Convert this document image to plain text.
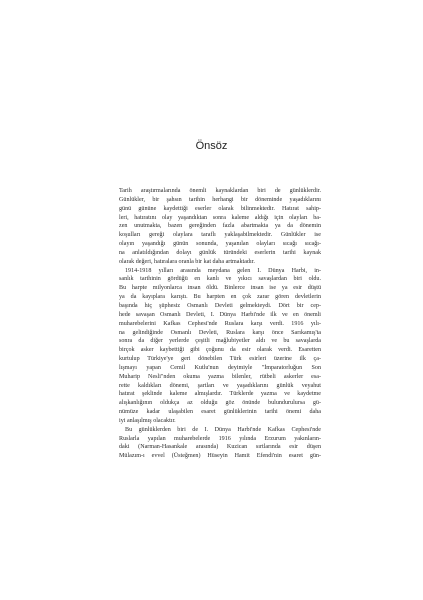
Önsöz
Tarih araştırmalarında önemli kaynaklardan biri de günlüklerdir.
Günlükler, bir şahsın tarihin herhangi bir döneminde yaşadıklarını
günü gününe kaydettiği eserler olarak bilinmektedir. Hatırat sahip-
leri, hatıratını olay yaşandıktan sonra kaleme aldığı için olayları ba-
zen unutmakta, bazen gereğinden fazla abartmakta ya da dönemin
koşulları gereği olaylara taraflı yaklaşabilmektedir. Günlükler ise
olayın yaşandığı günün sonunda, yaşanılan olayları sıcağı sıcağı-
na anlatıldığından dolayı günlük türündeki eserlerin tarihi kaynak
olarak değeri, hatıralara oranla bir kat daha artmaktadır.
1914-1918 yılları arasında meydana gelen I. Dünya Harbi, in-
sanlık tarihinin gördüğü en kanlı ve yıkıcı savaşlardan biri oldu.
Bu harpte milyonlarca insan öldü. Binlerce insan ise ya esir düştü
ya da kayıplara karıştı. Bu harpten en çok zarar gören devletlerin
başında hiç şüphesiz Osmanlı Devleti gelmekteydi. Dört bir cep-
hede savaşan Osmanlı Devleti, I. Dünya Harbi'nde ilk ve en önemli
muharebelerini Kafkas Cephesi'nde Ruslara karşı verdi. 1916 yılı-
na gelindiğinde Osmanlı Devleti, Ruslara karşı önce Sarıkamış'ta
sonra da diğer yerlerde çeşitli mağlubiyetler aldı ve bu savaşlarda
birçok asker kaybettiği gibi çoğunu da esir olarak verdi. Esaretten
kurtulup Türkiye'ye geri dönebilen Türk esirleri üzerine ilk ça-
lışmayı yapan Cemil Kutlu'nun deyimiyle "İmparatorluğun Son
Muharip Nesli"nden okuma yazma bilenler, rütbeli askerler esa-
rette kaldıkları dönemi, şartları ve yaşadıklarını günlük veyahut
hatırat şeklinde kaleme almışlardır. Türklerde yazma ve kaydetme
alışkanlığının oldukça az olduğu göz önünde bulundurulursa gü-
nümüze kadar ulaşabilen esaret günlüklerinin tarihi önemi daha
iyi anlaşılmış olacaktır.
Bu günlüklerden biri de I. Dünya Harbi'nde Kafkas Cephesi'nde
Ruslarla yapılan muharebelerde 1916 yılında Erzurum yakınların-
daki (Narman-Hasankale arasında) Kuzican sırtlarında esir düşen
Mülazım-ı evvel (Üsteğmen) Hüseyin Hamit Efendi'nin esaret gün-
